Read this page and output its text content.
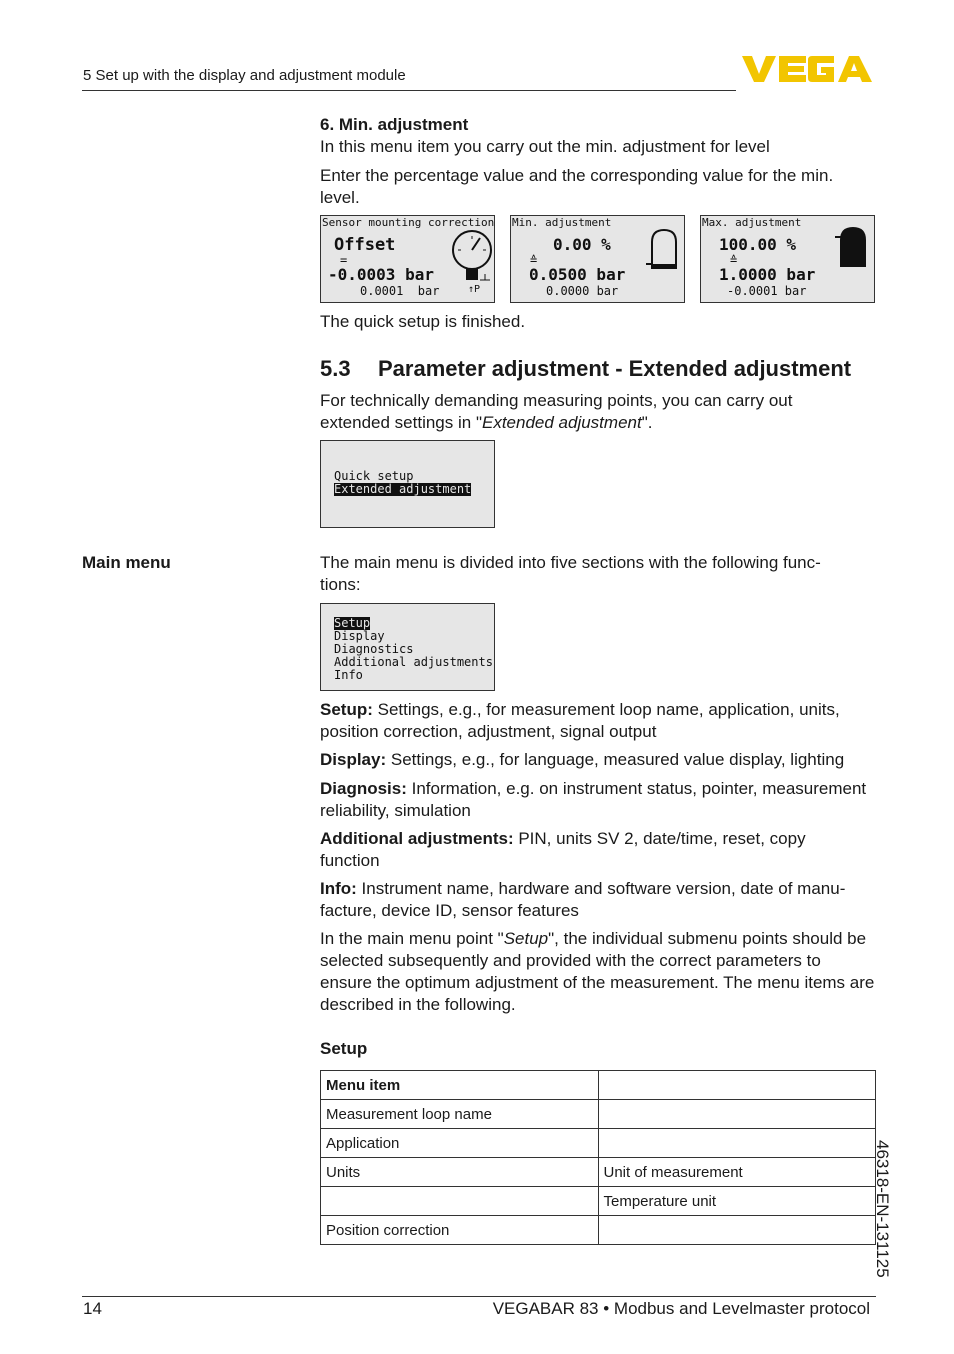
5 Set up with the display and adjustment module
6. Min. adjustment
In this menu item you carry out the min. adjustment for level
Enter the percentage value and the corresponding value for the min. level.
Sensor mounting correction
Offset
=
-0.0003 bar
0.0001  bar	↑P
Min. adjustment
0.00 %
≙
0.0500 bar
0.0000 bar
Max. adjustment
100.00 %
≙
1.0000 bar
-0.0001 bar
The quick setup is finished.
5.3 Parameter adjustment - Extended adjustment
For technically demanding measuring points, you can carry out extended settings in "Extended adjustment".
Quick setup
Extended adjustment
Main menu	The main menu is divided into five sections with the following func-
tions:
Setup
Display
Diagnostics
Additional adjustments
Info
Setup: Settings, e.g., for measurement loop name, application, units, position correction, adjustment, signal output
Display: Settings, e.g., for language, measured value display, lighting
Diagnosis: Information, e.g. on instrument status, pointer, measurement reliability, simulation
Additional adjustments: PIN, units SV 2, date/time, reset, copy function
Info: Instrument name, hardware and software version, date of manufacture, device ID, sensor features
In the main menu point "Setup", the individual submenu points should be selected subsequently and provided with the correct parameters to ensure the optimum adjustment of the measurement. The menu items are described in the following.
Setup
Menu item	
Measurement loop name	
Application	
Units	Unit of measurement
	Temperature unit
Position correction		46318-EN-131125
14	VEGABAR 83 • Modbus and Levelmaster protocol
